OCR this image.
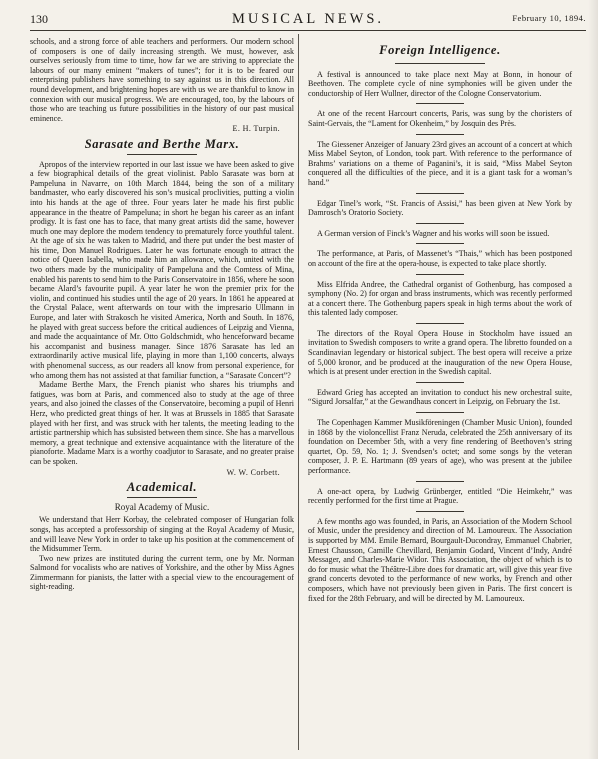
130	MUSICAL NEWS.	February 10, 1894.

schools, and a strong force of able teachers and performers. Our modern school of composers is one of daily increasing strength. We must, however, ask ourselves seriously from time to time, how far we are striving to appreciate the labours of our many eminent “makers of tunes”; for it is to be feared our enterprising publishers have something to say against us in this direction. All round development, and brightening hopes are with us we are thankful to know in connexion with our musical progress. We are encouraged, too, by the labours of those who are teaching us future possibilities in the history of our past musical eminence.

E. H. Turpin.

Sarasate and Berthe Marx.

Apropos of the interview reported in our last issue we have been asked to give a few biographical details of the great violinist. Pablo Sarasate was born at Pampeluna in Navarre, on 10th March 1844, being the son of a military bandmaster, who early discovered his son’s musical proclivities, putting a violin into his hands at the age of three. Four years later he made his first public appearance in the theatre of Pampeluna; in short he began his career as an infant prodigy. It is fast one has to face, that many great artists did the same, however much one may deplore the modern tendency to prematurely force youthful talent. At the age of six he was taken to Madrid, and there put under the best master of his time, Don Manuel Rodrigues. Later he was fortunate enough to attract the notice of Queen Isabella, who made him an allowance, which, united with the two others made by the municipality of Pampeluna and the Comtess of Mina, enabled his parents to send him to the Paris Conservatoire in 1856, where he soon became Alard’s favourite pupil. A year later he won the premier prix for the violin, and continued his studies until the age of 20 years. In 1861 he appeared at the Crystal Palace, went afterwards on tour with the impresario Ullmann in Europe, and later with Strakosch he visited America, North and South. In 1876, he played with great success before the critical audiences of Leipzig and Vienna, and made the acquaintance of Mr. Otto Goldschmidt, who henceforward became his accompanist and business manager. Since 1876 Sarasate has led an extraordinarily active musical life, playing in more than 1,100 concerts, always with phenomenal success, as our readers all know from personal experience, for who among them has not assisted at that familiar function, a “Sarasate Concert”?

Madame Berthe Marx, the French pianist who shares his triumphs and fatigues, was born at Paris, and commenced also to study at the age of three years, and also joined the classes of the Conservatoire, becoming a pupil of Henri Herz, who predicted great things of her. It was at Brussels in 1885 that Sarasate played with her first, and was struck with her talents, the meeting leading to the artistic partnership which has subsisted between them since. She has a marvellous memory, a great technique and extensive acquaintance with the literature of the pianoforte. Madame Marx is a worthy coadjutor to Sarasate, and no greater praise can be spoken.

W. W. Corbett.

Academical.
Royal Academy of Music.

We understand that Herr Korbay, the celebrated composer of Hungarian folk songs, has accepted a professorship of singing at the Royal Academy of Music, and will leave New York in order to take up his position at the commencement of the Midsummer Term.

Two new prizes are instituted during the current term, one by Mr. Norman Salmond for vocalists who are natives of Yorkshire, and the other by Miss Agnes Zimmermann for pianists, the latter with a special view to the encouragement of sight-reading.

Foreign Intelligence.

A festival is announced to take place next May at Bonn, in honour of Beethoven. The complete cycle of nine symphonies will be given under the conductorship of Herr Wullner, director of the Cologne Conservatorium.

At one of the recent Harcourt concerts, Paris, was sung by the choristers of Saint-Gervais, the “Lament for Okenheim,” by Josquin des Près.

The Giessener Anzeiger of January 23rd gives an account of a concert at which Miss Mabel Seyton, of London, took part. With reference to the performance of Brahms’ variations on a theme of Paganini’s, it is said, “Miss Mabel Seyton conquered all the difficulties of the piece, and it is a giant task for a woman’s hand.”

Edgar Tinel’s work, “St. Francis of Assisi,” has been given at New York by Damrosch’s Oratorio Society.

A German version of Finck’s Wagner and his works will soon be issued.

The performance, at Paris, of Massenet’s “Thais,” which has been postponed on account of the fire at the opera-house, is expected to take place shortly.

Miss Elfrida Andree, the Cathedral organist of Gothenburg, has composed a symphony (No. 2) for organ and brass instruments, which was recently performed at a concert there. The Gothenburg papers speak in high terms about the work of this talented lady composer.

The directors of the Royal Opera House in Stockholm have issued an invitation to Swedish composers to write a grand opera. The libretto founded on a Scandinavian legendary or historical subject. The best opera will receive a prize of 5,000 kronor, and be produced at the inauguration of the new Opera House, which is at present under erection in the Swedish capital.

Edward Grieg has accepted an invitation to conduct his new orchestral suite, “Sigurd Jorsalfar,” at the Gewandhaus concert in Leipzig, on February the 1st.

The Copenhagen Kammer Musikföreningen (Chamber Music Union), founded in 1868 by the violoncellist Franz Neruda, celebrated the 25th anniversary of its foundation on December 5th, with a very fine rendering of Beethoven’s string quartet, Op. 59, No. 1; J. Svendsen’s octet; and some songs by the veteran composer, J. P. E. Hartmann (89 years of age), who was present at the jubilee performance.

A one-act opera, by Ludwig Grünberger, entitled “Die Heimkehr,” was recently performed for the first time at Prague.

A few months ago was founded, in Paris, an Association of the Modern School of Music, under the presidency and direction of M. Lamoureux. The Association is supported by MM. Emile Bernard, Bourgault-Ducondray, Emmanuel Chabrier, Ernest Chausson, Camille Chevillard, Benjamin Godard, Vincent d’Indy, André Messager, and Charles-Marie Widor. This Association, the object of which is to do for music what the Théâtre-Libre does for dramatic art, will give this year five grand concerts devoted to the performance of new works, by French and other composers, which have not previously been given in Paris. The first concert is fixed for the 28th February, and will be directed by M. Lamoureux.
